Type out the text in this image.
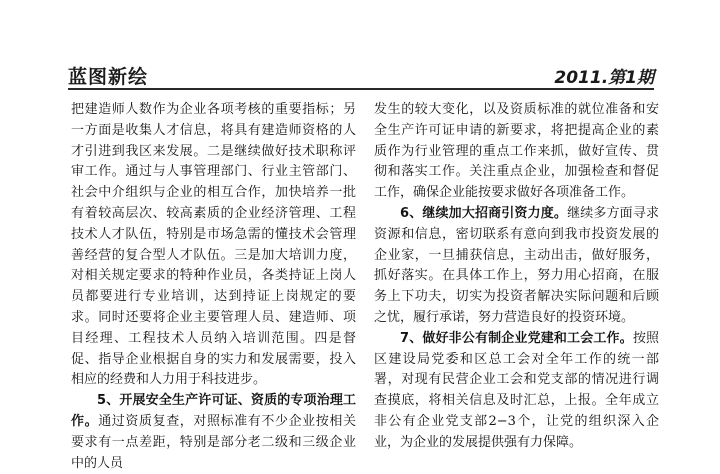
蓝图新绘	2011.第1期

把建造师人数作为企业各项考核的重要指标；另一方面是收集人才信息，将具有建造师资格的人才引进到我区来发展。二是继续做好技术职称评审工作。通过与人事管理部门、行业主管部门、社会中介组织与企业的相互合作，加快培养一批有着较高层次、较高素质的企业经济管理、工程技术人才队伍，特别是市场急需的懂技术会管理善经营的复合型人才队伍。三是加大培训力度，对相关规定要求的特种作业员，各类持证上岗人员都要进行专业培训，达到持证上岗规定的要求。同时还要将企业主要管理人员、建造师、项目经理、工程技术人员纳入培训范围。四是督促、指导企业根据自身的实力和发展需要，投入相应的经费和人力用于科技进步。

5、开展安全生产许可证、资质的专项治理工作。通过资质复查，对照标准有不少企业按相关要求有一点差距，特别是部分老二级和三级企业中的人员

发生的较大变化，以及资质标准的就位准备和安全生产许可证申请的新要求，将把提高企业的素质作为行业管理的重点工作来抓，做好宣传、贯彻和落实工作。关注重点企业，加强检查和督促工作，确保企业能按要求做好各项准备工作。

6、继续加大招商引资力度。继续多方面寻求资源和信息，密切联系有意向到我市投资发展的企业家，一旦捕获信息，主动出击，做好服务，抓好落实。在具体工作上，努力用心招商，在服务上下功夫，切实为投资者解决实际问题和后顾之忧，履行承诺，努力营造良好的投资环境。

7、做好非公有制企业党建和工会工作。按照区建设局党委和区总工会对全年工作的统一部署，对现有民营企业工会和党支部的情况进行调查摸底，将相关信息及时汇总，上报。全年成立非公有企业党支部2−3个，让党的组织深入企业，为企业的发展提供强有力保障。
